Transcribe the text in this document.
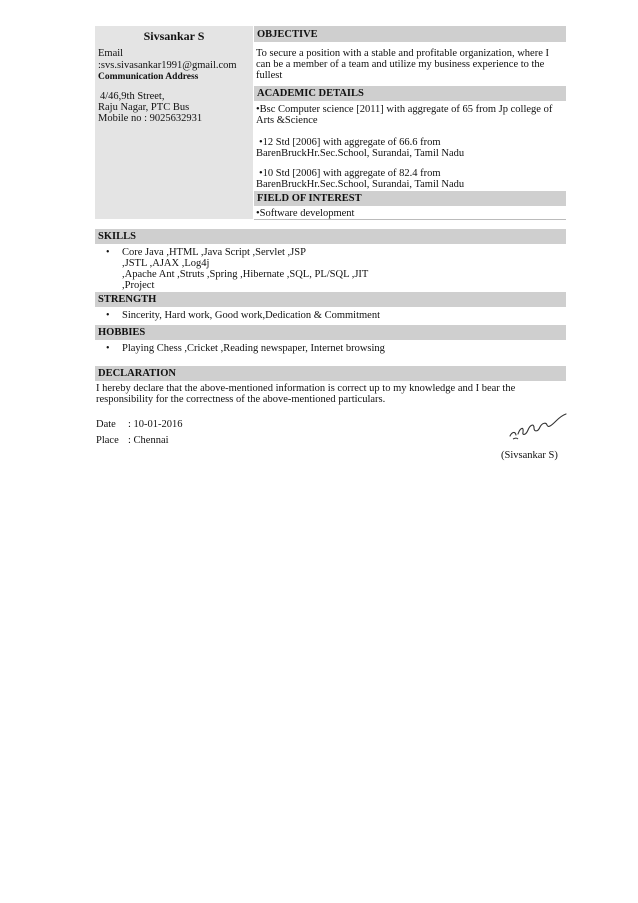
Sivsankar S
Email
:svs.sivasankar1991@gmail.com
Communication Address
4/46,9th Street,
Raju Nagar, PTC Bus
Mobile no : 9025632931
OBJECTIVE
To secure a position with a stable and profitable organization, where I
can be a member of a team and utilize my business experience to the
fullest
ACADEMIC DETAILS
•Bsc Computer science [2011] with aggregate of 65 from Jp college of
Arts &Science
•12 Std [2006] with aggregate of 66.6 from
BarenBruckHr.Sec.School, Surandai, Tamil Nadu
•10 Std [2006] with aggregate of 82.4 from
BarenBruckHr.Sec.School, Surandai, Tamil Nadu
FIELD OF INTEREST
•Software development
SKILLS
• Core Java ,HTML ,Java Script ,Servlet ,JSP
,JSTL ,AJAX ,Log4j
,Apache Ant ,Struts ,Spring ,Hibernate ,SQL, PL/SQL ,JIT
,Project
STRENGTH
• Sincerity, Hard work, Good work,Dedication & Commitment
HOBBIES
• Playing Chess ,Cricket ,Reading newspaper, Internet browsing
DECLARATION
I hereby declare that the above-mentioned information is correct up to my knowledge and I bear the
responsibility for the correctness of the above-mentioned particulars.
Date : 10-01-2016
Place : Chennai
(Sivsankar S)
